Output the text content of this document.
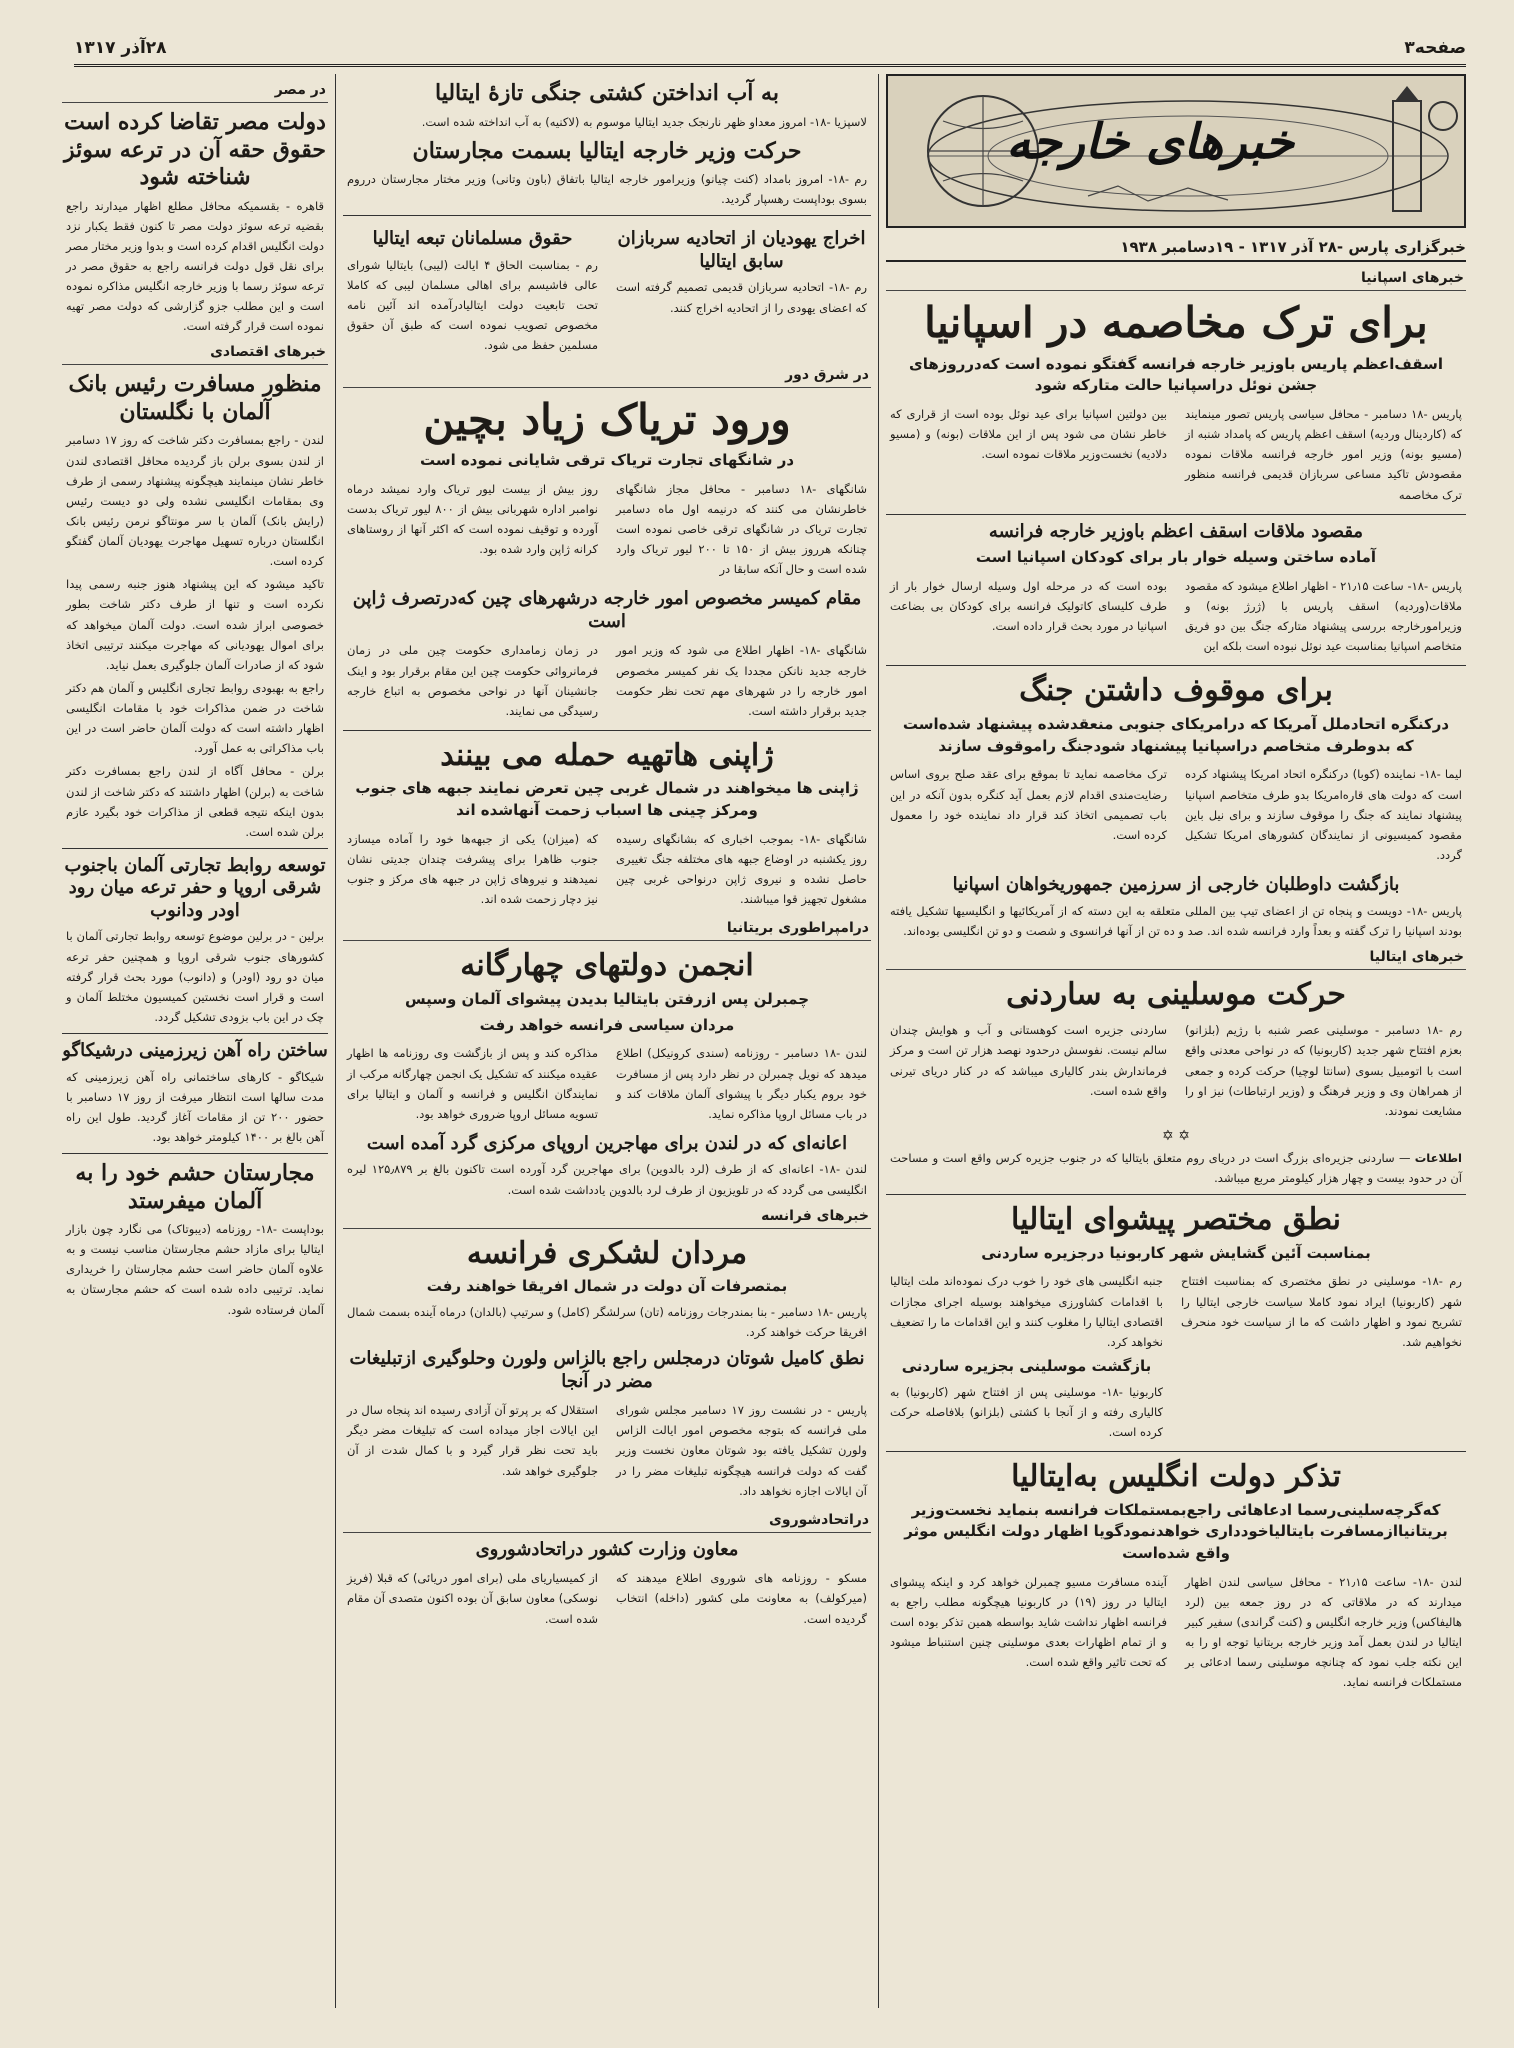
صفحه۳
۲۸آذر ۱۳۱۷
خبرهای خارجه
خبرگزاری پارس -۲۸ آذر ۱۳۱۷ - ۱۹دسامبر ۱۹۳۸
خبرهای اسپانیا
برای ترک مخاصمه در اسپانیا
اسقف‌اعظم پاریس باوزیر خارجه فرانسه گفتگو نموده است که‌درروزهای جشن نوئل دراسپانیا حالت متارکه شود
پاریس -۱۸ دسامبر - محافل سیاسی پاریس تصور مینمایند که (کاردینال وردیه) اسقف اعظم پاریس که پامداد شنبه از (مسیو بونه) وزیر امور خارجه فرانسه ملاقات نموده مقصودش تاکید مساعی سربازان قدیمی فرانسه منظور ترک مخاصمه
بین دولتین اسپانیا برای عید نوئل بوده است از قراری که خاطر نشان می شود پس از این ملاقات (بونه) و (مسیو دلادیه) نخست‌وزیر ملاقات نموده است.
مقصود ملاقات اسقف اعظم باوزیر خارجه فرانسه
آماده ساختن وسیله خوار بار برای کودکان اسپانیا است
پاریس -۱۸- ساعت ۲۱٫۱۵ - اظهار اطلاع میشود که مقصود ملاقات(وردیه) اسقف پاریس با (ژرژ بونه) و وزیرامورخارجه بررسی پیشنهاد متارکه جنگ بین دو فریق متخاصم اسپانیا بمناسبت عید نوئل نبوده است بلکه این
بوده است که در مرحله اول وسیله ارسال خوار بار از طرف کلیسای کاتولیک فرانسه برای کودکان بی بضاعت اسپانیا در مورد بحث قرار داده است.
برای موقوف داشتن جنگ
درکنگره اتحادملل آمریکا که درامریکای جنوبی منعقدشده پیشنهاد شده‌است که بدوطرف متخاصم دراسپانیا پیشنهاد شودجنگ راموقوف سازند
لیما -۱۸- نماینده (کوبا) درکنگره اتحاد امریکا پیشنهاد کرده است که دولت های قاره‌امریکا بدو طرف متخاصم اسپانیا پیشنهاد نمایند که جنگ را موقوف سازند و برای نیل باین مقصود کمیسیونی از نمایندگان کشورهای امریکا تشکیل گردد.
ترک مخاصمه نماید تا بموقع برای عقد صلح بروی اساس رضایت‌مندی اقدام لازم بعمل آید کنگره بدون آنکه در این باب تصمیمی اتخاذ کند قرار داد نماینده خود را معمول کرده است.
بازگشت داوطلبان خارجی از سرزمین جمهوریخواهان اسپانیا
پاریس -۱۸- دویست و پنجاه تن از اعضای تیپ بین المللی متعلقه به این دسته که از آمریکائیها و انگلیسیها تشکیل یافته بودند اسپانیا را ترک گفته و بعداً وارد فرانسه شده اند. صد و ده تن از آنها فرانسوی و شصت و دو تن انگلیسی بوده‌اند.
خبرهای ایتالیا
حرکت موسلینی به ساردنی
رم -۱۸ دسامبر - موسلینی عصر شنبه با رژیم (بلزانو) بعزم افتتاح شهر جدید (کاربونیا) که در نواحی معدنی واقع است با اتومبیل بسوی (سانتا لوچیا) حرکت کرده و جمعی از همراهان وی و وزیر فرهنگ و (وزیر ارتباطات) نیز او را مشایعت نمودند.
ساردنی جزیره است کوهستانی و آب و هوایش چندان سالم نیست. نفوسش درحدود نهصد هزار تن است و مرکز فرماندارش بندر کالیاری میباشد که در کنار دریای تیرنی واقع شده است.
✡ ✡
اطلاعات — ساردنی جزیره‌ای بزرگ است در دریای روم متعلق بایتالیا که در جنوب جزیره کرس واقع است و مساحت آن در حدود بیست و چهار هزار کیلومتر مربع میباشد.
نطق مختصر پیشوای ایتالیا
بمناسبت آئین گشایش شهر کاربونیا درجزیره ساردنی
رم -۱۸- موسلینی در نطق مختصری که بمناسبت افتتاح شهر (کاربونیا) ایراد نمود کاملا سیاست خارجی ایتالیا را تشریح نمود و اظهار داشت که ما از سیاست خود منحرف نخواهیم شد.
جنبه انگلیسی های خود را خوب درک نموده‌اند ملت ایتالیا با اقدامات کشاورزی میخواهند بوسیله اجرای مجازات اقتصادی ایتالیا را مغلوب کنند و این اقدامات ما را تضعیف نخواهد کرد.
بازگشت موسلینی بجزیره ساردنی
کاربونیا -۱۸- موسلینی پس از افتتاح شهر (کاربونیا) به کالیاری رفته و از آنجا با کشتی (بلزانو) بلافاصله حرکت کرده است.
تذکر دولت انگلیس به‌ایتالیا
که‌گرچه‌سلینی‌رسما ادعاهائی راجع‌بمستملکات فرانسه بنماید نخست‌وزیر بریتانیااز‌مسافرت بایتالیاخودداری خواهدنمودگویا اظهار دولت انگلیس موثر واقع شده‌است
لندن -۱۸- ساعت ۲۱٫۱۵ - محافل سیاسی لندن اظهار میدارند که در ملاقاتی که در روز جمعه بین (لرد هالیفاکس) وزیر خارجه انگلیس و (کنت گراندی) سفیر کبیر ایتالیا در لندن بعمل آمد وزیر خارجه بریتانیا توجه او را به این نکته جلب نمود که چنانچه موسلینی رسما ادعائی بر مستملکات فرانسه نماید.
آینده مسافرت مسیو چمبرلن خواهد کرد و اینکه پیشوای ایتالیا در روز (۱۹) در کاربونیا هیچگونه مطلب راجع به فرانسه اظهار نداشت شاید بواسطه همین تذکر بوده است و از تمام اظهارات بعدی موسلینی چنین استنباط میشود که تحت تاثیر واقع شده است.
به آب انداختن کشتی جنگی تازهٔ ایتالیا
لاسپزیا -۱۸- امروز معداو ظهر نارنجک جدید ایتالیا موسوم به (لاکنیه) به آب انداخته شده است.
حرکت وزیر خارجه ایتالیا بسمت مجارستان
رم -۱۸- امروز بامداد (کنت چیانو) وزیرامور خارجه ایتالیا باتفاق (باون وتانی) وزیر مختار مجارستان درروم بسوی بوداپست رهسپار گردید.
اخراج یهودیان از اتحادیه سربازان سابق ایتالیا
رم -۱۸- اتحادیه سربازان قدیمی تصمیم گرفته است که اعضای یهودی را از اتحادیه اخراج کنند.
حقوق مسلمانان تبعه ایتالیا
رم - بمناسبت الحاق ۴ ایالت (لیبی) بایتالیا شورای عالی فاشیسم برای اهالی مسلمان لیبی که کاملا تحت تابعیت دولت ایتالیادرآمده اند آئین نامه مخصوص تصویب نموده است که طبق آن حقوق مسلمین حفظ می شود.
در شرق دور
ورود تریاک زیاد بچین
در شانگهای تجارت تریاک ترقی شایانی نموده است
شانگهای -۱۸ دسامبر - محافل مجاز شانگهای خاطرنشان می کنند که درنیمه اول ماه دسامبر تجارت تریاک در شانگهای ترقی خاصی نموده است چنانکه هرروز بیش از ۱۵۰ تا ۲۰۰ لیور تریاک وارد شده است و حال آنکه سابقا در
روز بیش از بیست لیور تریاک وارد نمیشد درماه نوامبر اداره شهربانی بیش از ۸۰۰ لیور تریاک بدست آورده و توقیف نموده است که اکثر آنها از روستاهای کرانه ژاپن وارد شده بود.
مقام کمیسر مخصوص امور خارجه درشهرهای چین که‌درتصرف ژاپن است
شانگهای -۱۸- اظهار اطلاع می شود که وزیر امور خارجه جدید نانکن مجددا یک نفر کمیسر مخصوص امور خارجه را در شهرهای مهم تحت نظر حکومت جدید برقرار داشته است.
در زمان زمامداری حکومت چین ملی در زمان فرمانروائی حکومت چین این مقام برقرار بود و اینک جانشینان آنها در نواحی مخصوص به اتباع خارجه رسیدگی می نمایند.
ژاپنی هاتهیه حمله می بینند
ژاپنی ها میخواهند در شمال غربی چین تعرض نمایند جبهه های جنوب ومرکز چینی ها اسباب زحمت آنهاشده اند
شانگهای -۱۸- بموجب اخباری که بشانگهای رسیده روز یکشنبه در اوضاع جبهه های مختلفه جنگ تغییری حاصل نشده و نیروی ژاپن درنواحی غربی چین مشغول تجهیز قوا میباشند.
که (میزان) یکی از جبهه‌ها خود را آماده میسازد جنوب ظاهرا برای پیشرفت چندان جدیتی نشان نمیدهند و نیروهای ژاپن در جبهه های مرکز و جنوب نیز دچار زحمت شده اند.
درامپراطوری بریتانیا
انجمن دولتهای چهارگانه
چمبرلن پس ازرفتن بایتالیا بدیدن پیشوای آلمان وسپس
مردان سیاسی فرانسه خواهد رفت
لندن -۱۸ دسامبر - روزنامه (سندی کرونیکل) اطلاع میدهد که نویل چمبرلن در نظر دارد پس از مسافرت خود بروم یکبار دیگر با پیشوای آلمان ملاقات کند و در باب مسائل اروپا مذاکره نماید.
مذاکره کند و پس از بازگشت وی روزنامه ها اظهار عقیده میکنند که تشکیل یک انجمن چهارگانه مرکب از نمایندگان انگلیس و فرانسه و آلمان و ایتالیا برای تسویه مسائل اروپا ضروری خواهد بود.
اعانه‌ای که در لندن برای مهاجرین اروپای مرکزی گرد آمده است
لندن -۱۸- اعانه‌ای که از طرف (لرد بالدوین) برای مهاجرین گرد آورده است تاکنون بالغ بر ۱۲۵٫۸۷۹ لیره انگلیسی می گردد که در تلویزیون از طرف لرد بالدوین یادداشت شده است.
خبرهای فرانسه
مردان لشکری فرانسه
بمتصرفات آن دولت در شمال افریقا خواهند رفت
پاریس -۱۸ دسامبر - بنا بمندرجات روزنامه (تان) سرلشگر (کامل) و سرتیپ (بالدان) درماه آینده بسمت شمال افریقا حرکت خواهند کرد.
نطق کامیل شوتان درمجلس راجع بالزاس ولورن وحلوگیری ازتبلیغات مضر در آنجا
پاریس - در نشست روز ۱۷ دسامبر مجلس شورای ملی فرانسه که بتوجه مخصوص امور ایالت الزاس ولورن تشکیل یافته بود شوتان معاون نخست وزیر گفت که دولت فرانسه هیچگونه تبلیغات مضر را در آن ایالات اجازه نخواهد داد.
استقلال که بر پرتو آن آزادی رسیده اند پنجاه سال در این ایالات اجاز میداده است که تبلیغات مضر دیگر باید تحت نظر قرار گیرد و با کمال شدت از آن جلوگیری خواهد شد.
دراتحادشوروی
معاون وزارت کشور دراتحادشوروی
مسکو - روزنامه های شوروی اطلاع میدهند که (میرکولف) به معاونت ملی کشور (داخله) انتخاب گردیده است.
از کمیسیاریای ملی (برای امور دریائی) که قبلا (فریز نوسکی) معاون سابق آن بوده اکنون متصدی آن مقام شده است.
در مصر
دولت مصر تقاضا کرده است حقوق حقه آن در ترعه سوئز شناخته شود
قاهره - بقسمیکه محافل مطلع اظهار میدارند راجع بقضیه ترعه سوئز دولت مصر تا کنون فقط یکبار نزد دولت انگلیس اقدام کرده است و بدوا وزیر مختار مصر برای نقل قول دولت فرانسه راجع به حقوق مصر در ترعه سوئز رسما با وزیر خارجه انگلیس مذاکره نموده است و این مطلب جزو گزارشی که دولت مصر تهیه نموده است قرار گرفته است.
خبرهای اقتصادی
منظور مسافرت رئیس بانک آلمان با نگلستان
لندن - راجع بمسافرت دکتر شاخت که روز ۱۷ دسامبر از لندن بسوی برلن باز گردیده محافل اقتصادی لندن خاطر نشان مینمایند هیچگونه پیشنهاد رسمی از طرف وی بمقامات انگلیسی نشده ولی دو دیست رئیس (رایش بانک) آلمان با سر مونتاگو نرمن رئیس بانک انگلستان درباره تسهیل مهاجرت یهودیان آلمان گفتگو کرده است.
تاکید میشود که این پیشنهاد هنوز جنبه رسمی پیدا نکرده است و تنها از طرف دکتر شاخت بطور خصوصی ابراز شده است. دولت آلمان میخواهد که برای اموال یهودیانی که مهاجرت میکنند ترتیبی اتخاذ شود که از صادرات آلمان جلوگیری بعمل نیاید.
راجع به بهبودی روابط تجاری انگلیس و آلمان هم دکتر شاخت در ضمن مذاکرات خود با مقامات انگلیسی اظهار داشته است که دولت آلمان حاضر است در این باب مذاکراتی به عمل آورد.
برلن - محافل آگاه از لندن راجع بمسافرت دکتر شاخت به (برلن) اظهار داشتند که دکتر شاخت از لندن بدون اینکه نتیجه قطعی از مذاکرات خود بگیرد عازم برلن شده است.
توسعه روابط تجارتی آلمان باجنوب شرقی اروپا و حفر ترعه میان رود اودر ودانوب
برلین - در برلین موضوع توسعه روابط تجارتی آلمان با کشورهای جنوب شرقی اروپا و همچنین حفر ترعه میان دو رود (اودر) و (دانوب) مورد بحث قرار گرفته است و قرار است نخستین کمیسیون مختلط آلمان و چک در این باب بزودی تشکیل گردد.
ساختن راه آهن زیرزمینی درشیکاگو
شیکاگو - کارهای ساختمانی راه آهن زیرزمینی که مدت سالها است انتظار میرفت از روز ۱۷ دسامبر با حضور ۲۰۰ تن از مقامات آغاز گردید. طول این راه آهن بالغ بر ۱۴۰۰ کیلومتر خواهد بود.
مجارستان حشم خود را به آلمان میفرستد
بوداپست -۱۸- روزنامه (دیبوتاک) می نگارد چون بازار ایتالیا برای مازاد حشم مجارستان مناسب نیست و به علاوه آلمان حاضر است حشم مجارستان را خریداری نماید. ترتیبی داده شده است که حشم مجارستان به آلمان فرستاده شود.
